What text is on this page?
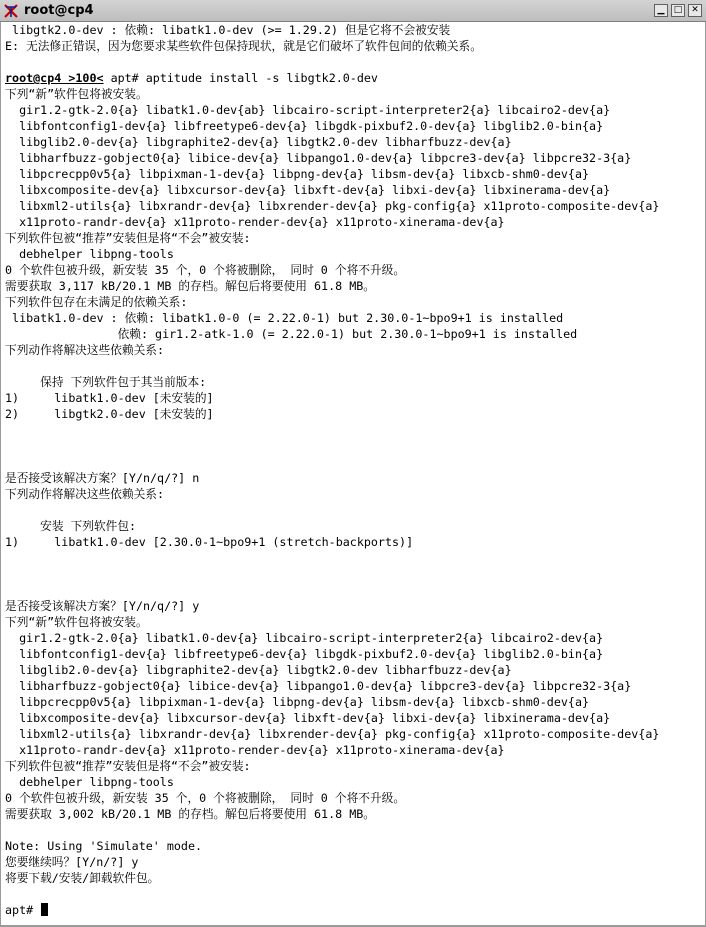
root@cp4	▁	□ ✕
libgtk2.0-dev : 依赖: libatk1.0-dev (>= 1.29.2) 但是它将不会被安装
E: 无法修正错误，因为您要求某些软件包保持现状，就是它们破坏了软件包间的依赖关系。
root@cp4 >100< apt# aptitude install -s libgtk2.0-dev
下列“新”软件包将被安装。
gir1.2-gtk-2.0{a} libatk1.0-dev{ab} libcairo-script-interpreter2{a} libcairo2-dev{a}
libfontconfig1-dev{a} libfreetype6-dev{a} libgdk-pixbuf2.0-dev{a} libglib2.0-bin{a}
libglib2.0-dev{a} libgraphite2-dev{a} libgtk2.0-dev libharfbuzz-dev{a}
libharfbuzz-gobject0{a} libice-dev{a} libpango1.0-dev{a} libpcre3-dev{a} libpcre32-3{a}
libpcrecpp0v5{a} libpixman-1-dev{a} libpng-dev{a} libsm-dev{a} libxcb-shm0-dev{a}
libxcomposite-dev{a} libxcursor-dev{a} libxft-dev{a} libxi-dev{a} libxinerama-dev{a}
libxml2-utils{a} libxrandr-dev{a} libxrender-dev{a} pkg-config{a} x11proto-composite-dev{a}
x11proto-randr-dev{a} x11proto-render-dev{a} x11proto-xinerama-dev{a}
下列软件包被“推荐”安装但是将“不会”被安装:
debhelper libpng-tools
0 个软件包被升级，新安装 35 个，0 个将被删除， 同时 0 个将不升级。
需要获取 3,117 kB/20.1 MB 的存档。解包后将要使用 61.8 MB。
下列软件包存在未满足的依赖关系:
libatk1.0-dev : 依赖: libatk1.0-0 (= 2.22.0-1) but 2.30.0-1~bpo9+1 is installed
依赖: gir1.2-atk-1.0 (= 2.22.0-1) but 2.30.0-1~bpo9+1 is installed
下列动作将解决这些依赖关系:
保持 下列软件包于其当前版本:
1)     libatk1.0-dev [未安装的]
2)     libgtk2.0-dev [未安装的]
是否接受该解决方案？[Y/n/q/?] n
下列动作将解决这些依赖关系:
安装 下列软件包:
1)     libatk1.0-dev [2.30.0-1~bpo9+1 (stretch-backports)]
是否接受该解决方案？[Y/n/q/?] y
下列“新”软件包将被安装。
gir1.2-gtk-2.0{a} libatk1.0-dev{a} libcairo-script-interpreter2{a} libcairo2-dev{a}
libfontconfig1-dev{a} libfreetype6-dev{a} libgdk-pixbuf2.0-dev{a} libglib2.0-bin{a}
libglib2.0-dev{a} libgraphite2-dev{a} libgtk2.0-dev libharfbuzz-dev{a}
libharfbuzz-gobject0{a} libice-dev{a} libpango1.0-dev{a} libpcre3-dev{a} libpcre32-3{a}
libpcrecpp0v5{a} libpixman-1-dev{a} libpng-dev{a} libsm-dev{a} libxcb-shm0-dev{a}
libxcomposite-dev{a} libxcursor-dev{a} libxft-dev{a} libxi-dev{a} libxinerama-dev{a}
libxml2-utils{a} libxrandr-dev{a} libxrender-dev{a} pkg-config{a} x11proto-composite-dev{a}
x11proto-randr-dev{a} x11proto-render-dev{a} x11proto-xinerama-dev{a}
下列软件包被“推荐”安装但是将“不会”被安装:
debhelper libpng-tools
0 个软件包被升级，新安装 35 个，0 个将被删除， 同时 0 个将不升级。
需要获取 3,002 kB/20.1 MB 的存档。解包后将要使用 61.8 MB。
Note: Using 'Simulate' mode.
您要继续吗？[Y/n/?] y
将要下载/安装/卸载软件包。
apt#
